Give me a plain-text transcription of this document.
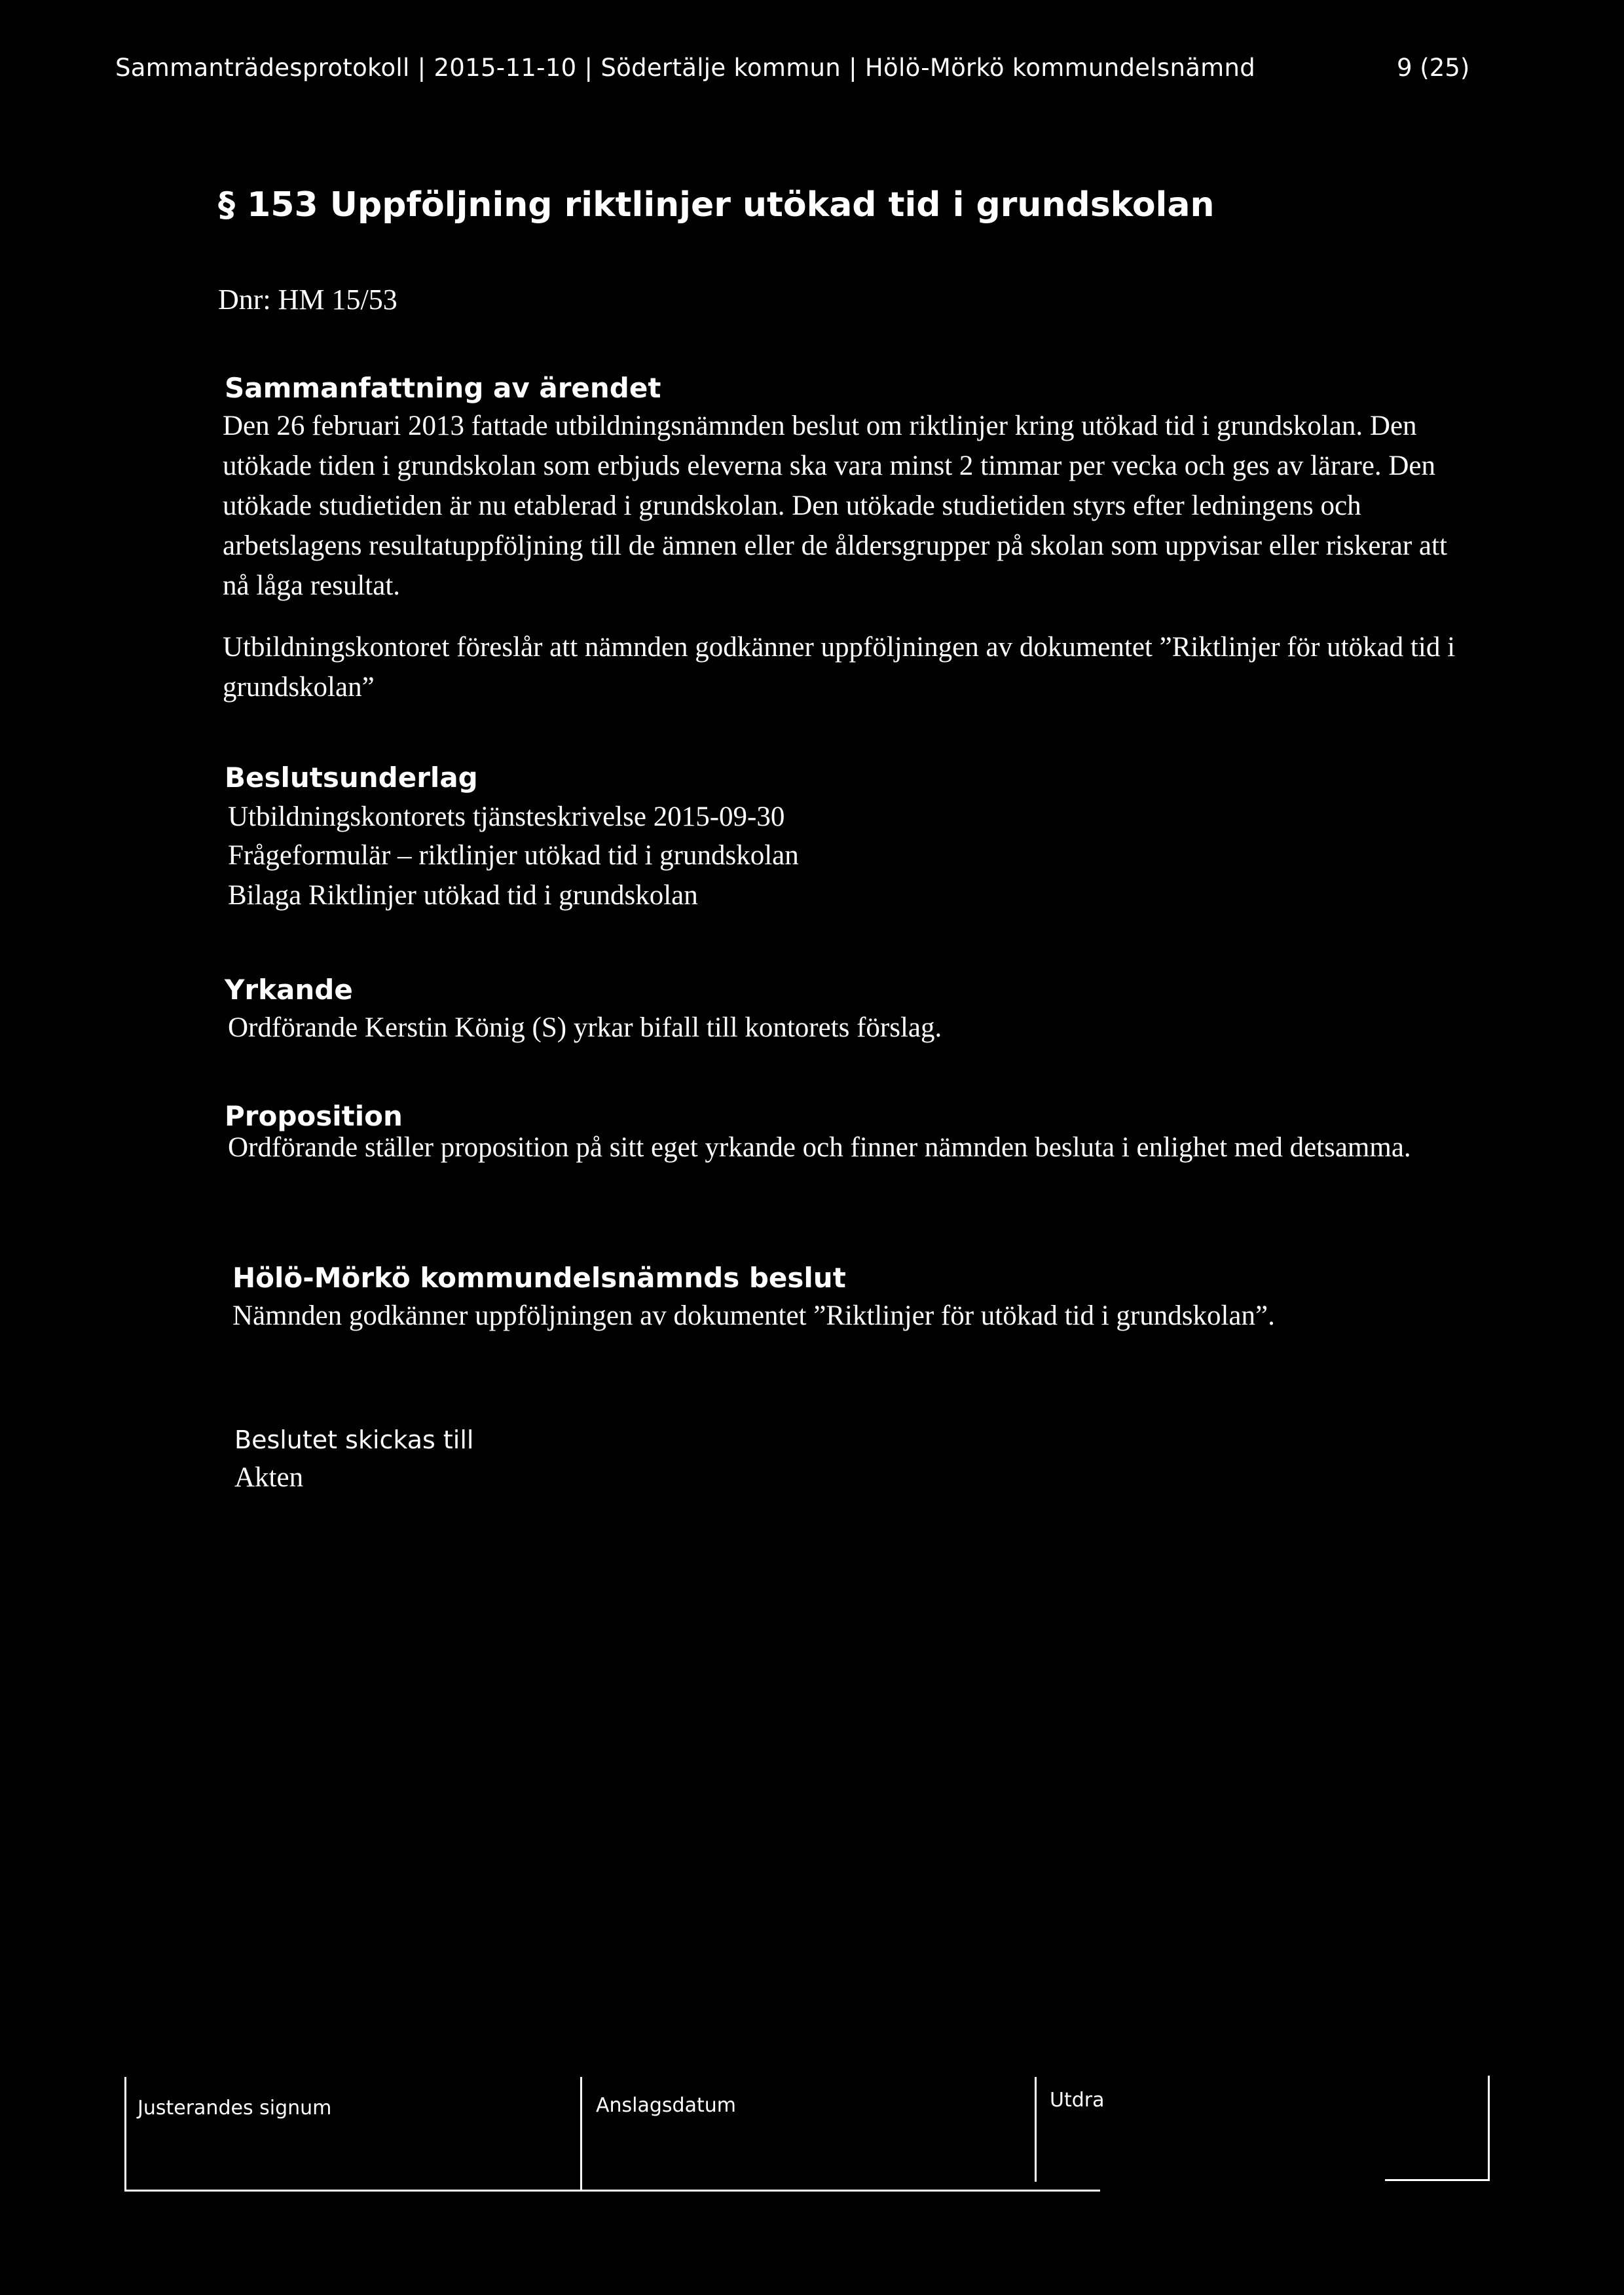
Sammanträdesprotokoll | 2015-11-10 | Södertälje kommun | Hölö-Mörkö kommundelsnämnd	9 (25)
§ 153 Uppföljning riktlinjer utökad tid i grundskolan
Dnr: HM 15/53
Sammanfattning av ärendet

Den 26 februari 2013 fattade utbildningsnämnden beslut om riktlinjer kring utökad tid i grundskolan. Den utökade tiden i grundskolan som erbjuds eleverna ska vara minst 2 timmar per vecka och ges av lärare. Den utökade studietiden är nu etablerad i grundskolan. Den utökade studietiden styrs efter ledningens och arbetslagens resultatuppföljning till de ämnen eller de åldersgrupper på skolan som uppvisar eller riskerar att nå låga resultat.

Utbildningskontoret föreslår att nämnden godkänner uppföljningen av dokumentet ”Riktlinjer för utökad tid i grundskolan”

Beslutsunderlag
Utbildningskontorets tjänsteskrivelse 2015-09-30
Frågeformulär – riktlinjer utökad tid i grundskolan
Bilaga Riktlinjer utökad tid i grundskolan
Yrkande
Ordförande Kerstin König (S) yrkar bifall till kontorets förslag.
Proposition

Ordförande ställer proposition på sitt eget yrkande och finner nämnden besluta i enlighet med detsamma.

Hölö-Mörkö kommundelsnämnds beslut
Nämnden godkänner uppföljningen av dokumentet ”Riktlinjer för utökad tid i grundskolan”.
Beslutet skickas till
Akten
Justerandes signum	Anslagsdatum	Utdra
